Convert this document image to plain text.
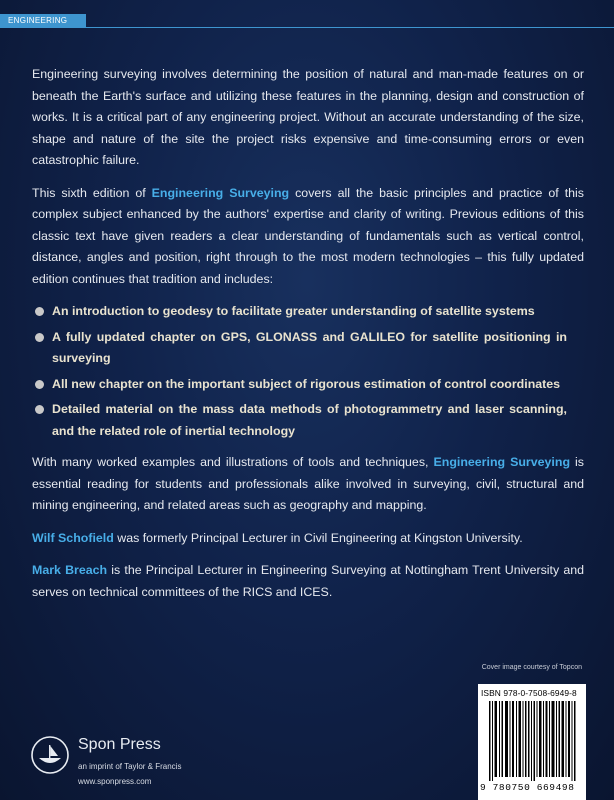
ENGINEERING

Engineering surveying involves determining the position of natural and man-made features on or beneath the Earth's surface and utilizing these features in the planning, design and construction of works. It is a critical part of any engineering project. Without an accurate understanding of the size, shape and nature of the site the project risks expensive and time-consuming errors or even catastrophic failure.

This sixth edition of Engineering Surveying covers all the basic principles and practice of this complex subject enhanced by the authors' expertise and clarity of writing. Previous editions of this classic text have given readers a clear understanding of fundamentals such as vertical control, distance, angles and position, right through to the most modern technologies – this fully updated edition continues that tradition and includes:

An introduction to geodesy to facilitate greater understanding of satellite systems
A fully updated chapter on GPS, GLONASS and GALILEO for satellite positioning in surveying
All new chapter on the important subject of rigorous estimation of control coordinates
Detailed material on the mass data methods of photogrammetry and laser scanning, and the related role of inertial technology

With many worked examples and illustrations of tools and techniques, Engineering Surveying is essential reading for students and professionals alike involved in surveying, civil, structural and mining engineering, and related areas such as geography and mapping.

Wilf Schofield was formerly Principal Lecturer in Civil Engineering at Kingston University.

Mark Breach is the Principal Lecturer in Engineering Surveying at Nottingham Trent University and serves on technical committees of the RICS and ICES.

Cover image courtesy of Topcon
ISBN 978-0-7508-6949-8
9 780750 669498
Spon Press
an imprint of Taylor & Francis
www.sponpress.com
